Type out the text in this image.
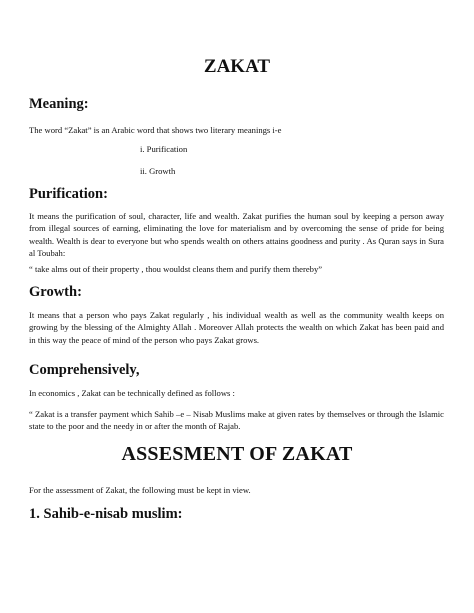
ZAKAT
Meaning:
The word “Zakat” is an Arabic word that shows two literary meanings i-e
i. Purification
ii. Growth
Purification:
It means the purification of soul, character, life and wealth. Zakat purifies the human soul by keeping a person away from illegal sources of earning, eliminating the love for materialism and by overcoming the sense of pride for being wealth. Wealth is dear to everyone but who spends wealth on others attains goodness and purity . As Quran says in Sura al Toubah:
“ take alms out of their property , thou wouldst cleans them and purify them thereby”
Growth:
It means that a person who pays Zakat regularly , his individual wealth as well as the community wealth keeps on growing by the blessing of the Almighty Allah . Moreover Allah protects the wealth on which Zakat has been paid and in this way the peace of mind of the person who pays Zakat grows.
Comprehensively,
In economics , Zakat can be technically defined as follows :
“ Zakat is a transfer payment which Sahib –e – Nisab Muslims make at given rates by themselves or through the Islamic state to the poor and the needy in or after the month of Rajab.
ASSESMENT OF ZAKAT
For the assessment of Zakat, the following must be kept in view.
1. Sahib-e-nisab muslim:
